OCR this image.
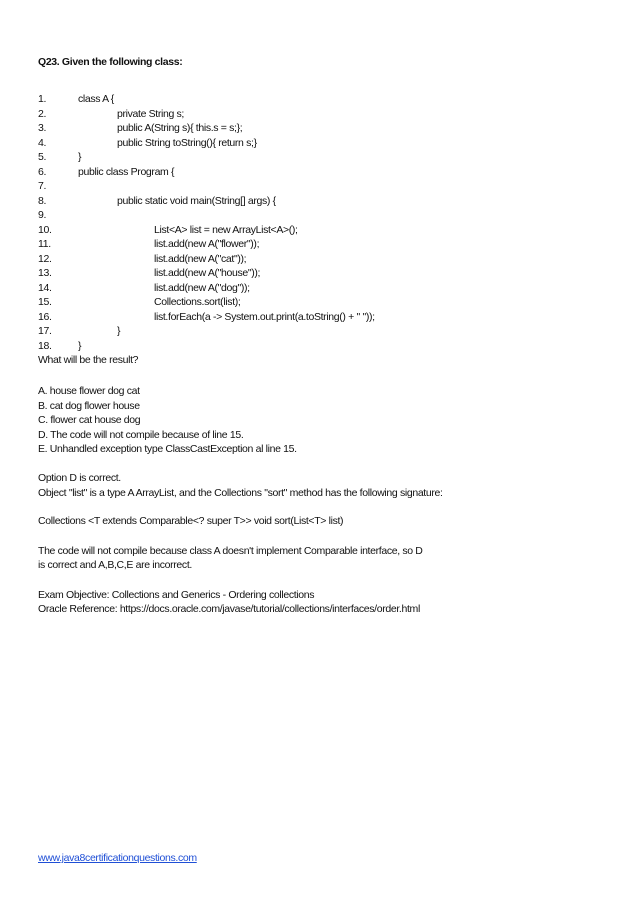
Q23. Given the following class:
1.	class A {
2.	private String s;
3.	public A(String s){ this.s = s;};
4.	public String toString(){ return s;}
5.	}
6.	public class Program {
7.
8.	public static void main(String[] args) {
9.
10.	List<A> list = new ArrayList<A>();
11.	list.add(new A("flower"));
12.	list.add(new A("cat"));
13.	list.add(new A("house"));
14.	list.add(new A("dog"));
15.	Collections.sort(list);
16.	list.forEach(a -> System.out.print(a.toString() + " "));
17.	}
18.	}
What will be the result?
A. house flower dog cat
B. cat dog flower house
C. flower cat house dog
D. The code will not compile because of line 15.
E. Unhandled exception type ClassCastException al line 15.
Option D is correct.
Object "list" is a type A ArrayList, and the Collections "sort" method has the following signature:
Collections <T extends Comparable<? super T>> void sort(List<T> list)
The code will not compile because class A doesn't implement Comparable interface, so D
is correct and A,B,C,E are incorrect.
Exam Objective: Collections and Generics - Ordering collections
Oracle Reference: https://docs.oracle.com/javase/tutorial/collections/interfaces/order.html
www.java8certificationquestions.com
